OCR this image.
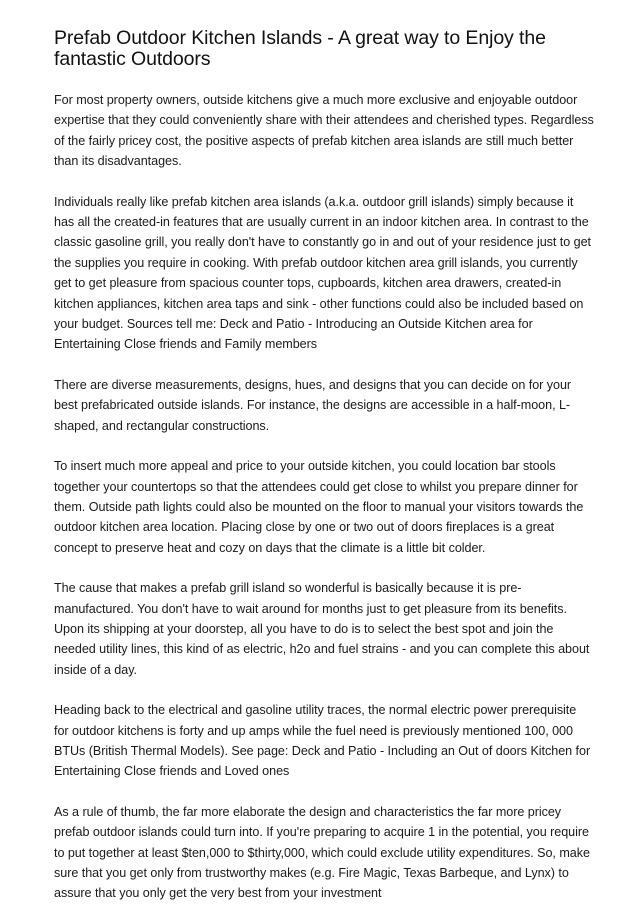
Prefab Outdoor Kitchen Islands - A great way to Enjoy the fantastic Outdoors

For most property owners, outside kitchens give a much more exclusive and enjoyable outdoor expertise that they could conveniently share with their attendees and cherished types. Regardless of the fairly pricey cost, the positive aspects of prefab kitchen area islands are still much better than its disadvantages.

Individuals really like prefab kitchen area islands (a.k.a. outdoor grill islands) simply because it has all the created-in features that are usually current in an indoor kitchen area. In contrast to the classic gasoline grill, you really don't have to constantly go in and out of your residence just to get the supplies you require in cooking. With prefab outdoor kitchen area grill islands, you currently get to get pleasure from spacious counter tops, cupboards, kitchen area drawers, created-in kitchen appliances, kitchen area taps and sink - other functions could also be included based on your budget. Sources tell me: Deck and Patio - Introducing an Outside Kitchen area for Entertaining Close friends and Family members

There are diverse measurements, designs, hues, and designs that you can decide on for your best prefabricated outside islands. For instance, the designs are accessible in a half-moon, L-shaped, and rectangular constructions.

To insert much more appeal and price to your outside kitchen, you could location bar stools together your countertops so that the attendees could get close to whilst you prepare dinner for them. Outside path lights could also be mounted on the floor to manual your visitors towards the outdoor kitchen area location. Placing close by one or two out of doors fireplaces is a great concept to preserve heat and cozy on days that the climate is a little bit colder.

The cause that makes a prefab grill island so wonderful is basically because it is pre-manufactured. You don't have to wait around for months just to get pleasure from its benefits. Upon its shipping at your doorstep, all you have to do is to select the best spot and join the needed utility lines, this kind of as electric, h2o and fuel strains - and you can complete this about inside of a day.

Heading back to the electrical and gasoline utility traces, the normal electric power prerequisite for outdoor kitchens is forty and up amps while the fuel need is previously mentioned 100, 000 BTUs (British Thermal Models). See page: Deck and Patio - Including an Out of doors Kitchen for Entertaining Close friends and Loved ones

As a rule of thumb, the far more elaborate the design and characteristics the far more pricey prefab outdoor islands could turn into. If you're preparing to acquire 1 in the potential, you require to put together at least $ten,000 to $thirty,000, which could exclude utility expenditures. So, make sure that you get only from trustworthy makes (e.g. Fire Magic, Texas Barbeque, and Lynx) to assure that you only get the very best from your investment
